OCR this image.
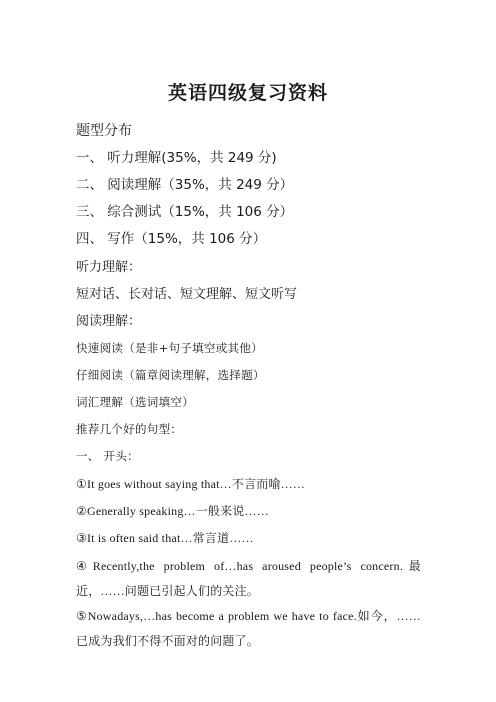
英语四级复习资料
题型分布
一、 听力理解(35%，共 249 分)
二、 阅读理解（35%，共 249 分）
三、 综合测试（15%，共 106 分）
四、 写作（15%，共 106 分）
听力理解：
短对话、长对话、短文理解、短文听写
阅读理解：
快速阅读（是非+句子填空或其他）
仔细阅读（篇章阅读理解，选择题）
词汇理解（选词填空）
推荐几个好的句型：
一、 开头：
①It goes without saying that…不言而喻……
②Generally speaking…一般来说……
③It is often said that…常言道……
④Recently,the problem of…has aroused people’s concern.最近，……问题已引起人们的关注。
⑤Nowadays,…has become a problem we have to face.如今，……已成为我们不得不面对的问题了。
